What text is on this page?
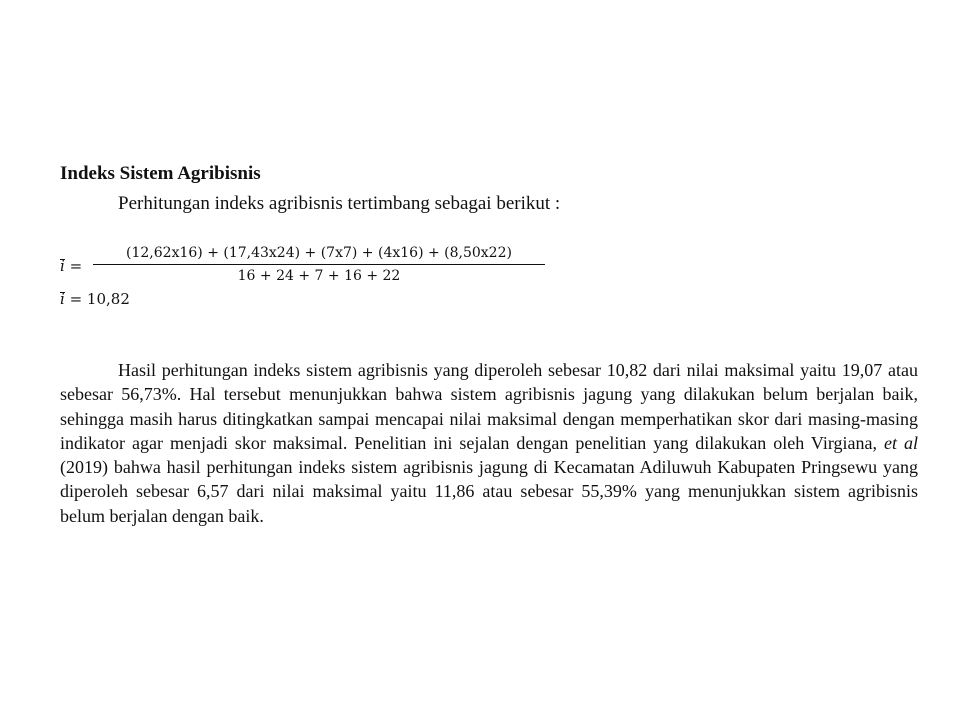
Indeks Sistem Agribisnis
Perhitungan indeks agribisnis tertimbang sebagai berikut :
i =
(12,62x16) + (17,43x24) + (7x7) + (4x16) + (8,50x22)
16 + 24 + 7 + 16 + 22
i = 10,82

Hasil perhitungan indeks sistem agribisnis yang diperoleh sebesar 10,82 dari nilai maksimal yaitu 19,07 atau sebesar 56,73%. Hal tersebut menunjukkan bahwa sistem agribisnis jagung yang dilakukan belum berjalan baik, sehingga masih harus ditingkatkan sampai mencapai nilai maksimal dengan memperhatikan skor dari masing-masing indikator agar menjadi skor maksimal. Penelitian ini sejalan dengan penelitian yang dilakukan oleh Virgiana, et al (2019) bahwa hasil perhitungan indeks sistem agribisnis jagung di Kecamatan Adiluwuh Kabupaten Pringsewu yang diperoleh sebesar 6,57 dari nilai maksimal yaitu 11,86 atau sebesar 55,39% yang menunjukkan sistem agribisnis belum berjalan dengan baik.
